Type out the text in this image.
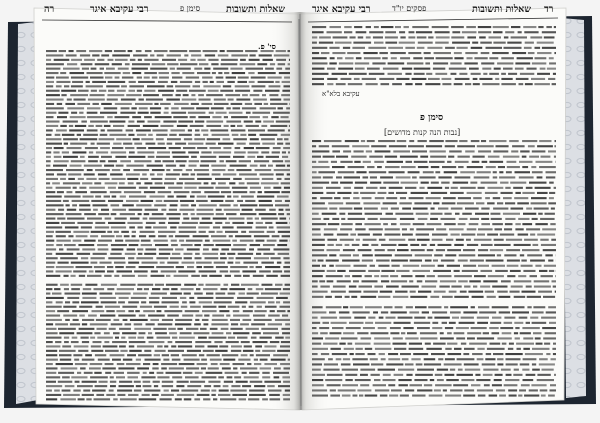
רה	רבי עקיבא איגר	סימן פ	שאלות ותשובות
סי' פ.
רבי עקיבא איגר	פסקים יו"ד	שאלות ותשובות רד
עקיבא בלא"א
סימן פ
[נבות הנה קנות מדושים]
